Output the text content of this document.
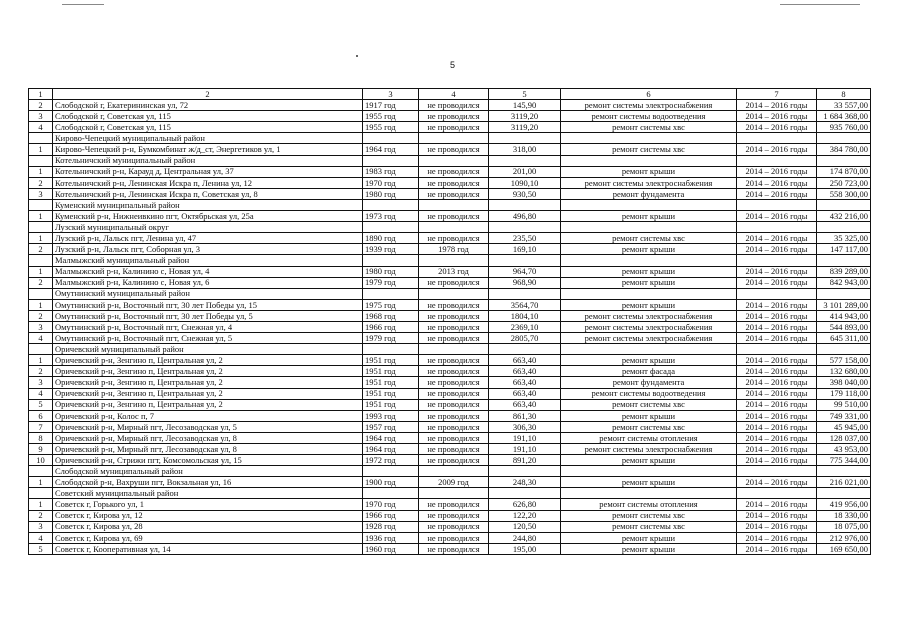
5
1	2	3	4	5	6	7	8
2	Слободской г, Екатерининская ул, 72	1917 год	не проводился	145,90	ремонт системы электроснабжения	2014 – 2016 годы	33 557,00
3	Слободской г, Советская ул, 115	1955 год	не проводился	3119,20	ремонт системы водоотведения	2014 – 2016 годы	1 684 368,00
4	Слободской г, Советская ул, 115	1955 год	не проводился	3119,20	ремонт системы хвс	2014 – 2016 годы	935 760,00
	Кирово-Чепецкий муниципальный район						
1	Кирово-Чепецкий р-н, Бумкомбинат ж/д_ст, Энергетиков ул, 1	1964 год	не проводился	318,00	ремонт системы хвс	2014 – 2016 годы	384 780,00
	Котельничский муниципальный район						
1	Котельничский р-н, Карауд д, Центральная ул, 37	1983 год	не проводился	201,00	ремонт крыши	2014 – 2016 годы	174 870,00
2	Котельничский р-н, Ленинская Искра п, Ленина ул, 12	1970 год	не проводился	1090,10	ремонт системы электроснабжения	2014 – 2016 годы	250 723,00
3	Котельничский р-н, Ленинская Искра п, Советская ул, 8	1980 год	не проводился	930,50	ремонт фундамента	2014 – 2016 годы	558 300,00
	Куменский муниципальный район						
1	Куменский р-н, Нижнеивкино пгт, Октябрьская ул, 25а	1973 год	не проводился	496,80	ремонт крыши	2014 – 2016 годы	432 216,00
	Лузский муниципальный округ						
1	Лузский р-н, Лальск пгт, Ленина ул, 47	1890 год	не проводился	235,50	ремонт системы хвс	2014 – 2016 годы	35 325,00
2	Лузский р-н, Лальск пгт, Соборная ул, 3	1939 год	1978 год	169,10	ремонт крыши	2014 – 2016 годы	147 117,00
	Малмыжский муниципальный район						
1	Малмыжский р-н, Калинино с, Новая ул, 4	1980 год	2013 год	964,70	ремонт крыши	2014 – 2016 годы	839 289,00
2	Малмыжский р-н, Калинино с, Новая ул, 6	1979 год	не проводился	968,90	ремонт крыши	2014 – 2016 годы	842 943,00
	Омутнинский муниципальный район						
1	Омутнинский р-н, Восточный пгт, 30 лет Победы ул, 15	1975 год	не проводился	3564,70	ремонт крыши	2014 – 2016 годы	3 101 289,00
2	Омутнинский р-н, Восточный пгт, 30 лет Победы ул, 5	1968 год	не проводился	1804,10	ремонт системы электроснабжения	2014 – 2016 годы	414 943,00
3	Омутнинский р-н, Восточный пгт, Снежная ул, 4	1966 год	не проводился	2369,10	ремонт системы электроснабжения	2014 – 2016 годы	544 893,00
4	Омутнинский р-н, Восточный пгт, Снежная ул, 5	1979 год	не проводился	2805,70	ремонт системы электроснабжения	2014 – 2016 годы	645 311,00
	Оричевский муниципальный район						
1	Оричевский р-н, Зенгино п, Центральная ул, 2	1951 год	не проводился	663,40	ремонт крыши	2014 – 2016 годы	577 158,00
2	Оричевский р-н, Зенгино п, Центральная ул, 2	1951 год	не проводился	663,40	ремонт фасада	2014 – 2016 годы	132 680,00
3	Оричевский р-н, Зенгино п, Центральная ул, 2	1951 год	не проводился	663,40	ремонт фундамента	2014 – 2016 годы	398 040,00
4	Оричевский р-н, Зенгино п, Центральная ул, 2	1951 год	не проводился	663,40	ремонт системы водоотведения	2014 – 2016 годы	179 118,00
5	Оричевский р-н, Зенгино п, Центральная ул, 2	1951 год	не проводился	663,40	ремонт системы хвс	2014 – 2016 годы	99 510,00
6	Оричевский р-н, Колос п, 7	1993 год	не проводился	861,30	ремонт крыши	2014 – 2016 годы	749 331,00
7	Оричевский р-н, Мирный пгт, Лесозаводская ул, 5	1957 год	не проводился	306,30	ремонт системы хвс	2014 – 2016 годы	45 945,00
8	Оричевский р-н, Мирный пгт, Лесозаводская ул, 8	1964 год	не проводился	191,10	ремонт системы отопления	2014 – 2016 годы	128 037,00
9	Оричевский р-н, Мирный пгт, Лесозаводская ул, 8	1964 год	не проводился	191,10	ремонт системы электроснабжения	2014 – 2016 годы	43 953,00
10	Оричевский р-н, Стрижи пгт, Комсомольская ул, 15	1972 год	не проводился	891,20	ремонт крыши	2014 – 2016 годы	775 344,00
	Слободской муниципальный район						
1	Слободской р-н, Вахруши пгт, Вокзальная ул, 16	1900 год	2009 год	248,30	ремонт крыши	2014 – 2016 годы	216 021,00
	Советский муниципальный район						
1	Советск г, Горького ул, 1	1970 год	не проводился	626,80	ремонт системы отопления	2014 – 2016 годы	419 956,00
2	Советск г, Кирова ул, 12	1966 год	не проводился	122,20	ремонт системы хвс	2014 – 2016 годы	18 330,00
3	Советск г, Кирова ул, 28	1928 год	не проводился	120,50	ремонт системы хвс	2014 – 2016 годы	18 075,00
4	Советск г, Кирова ул, 69	1936 год	не проводился	244,80	ремонт крыши	2014 – 2016 годы	212 976,00
5	Советск г, Кооперативная ул, 14	1960 год	не проводился	195,00	ремонт крыши	2014 – 2016 годы	169 650,00
